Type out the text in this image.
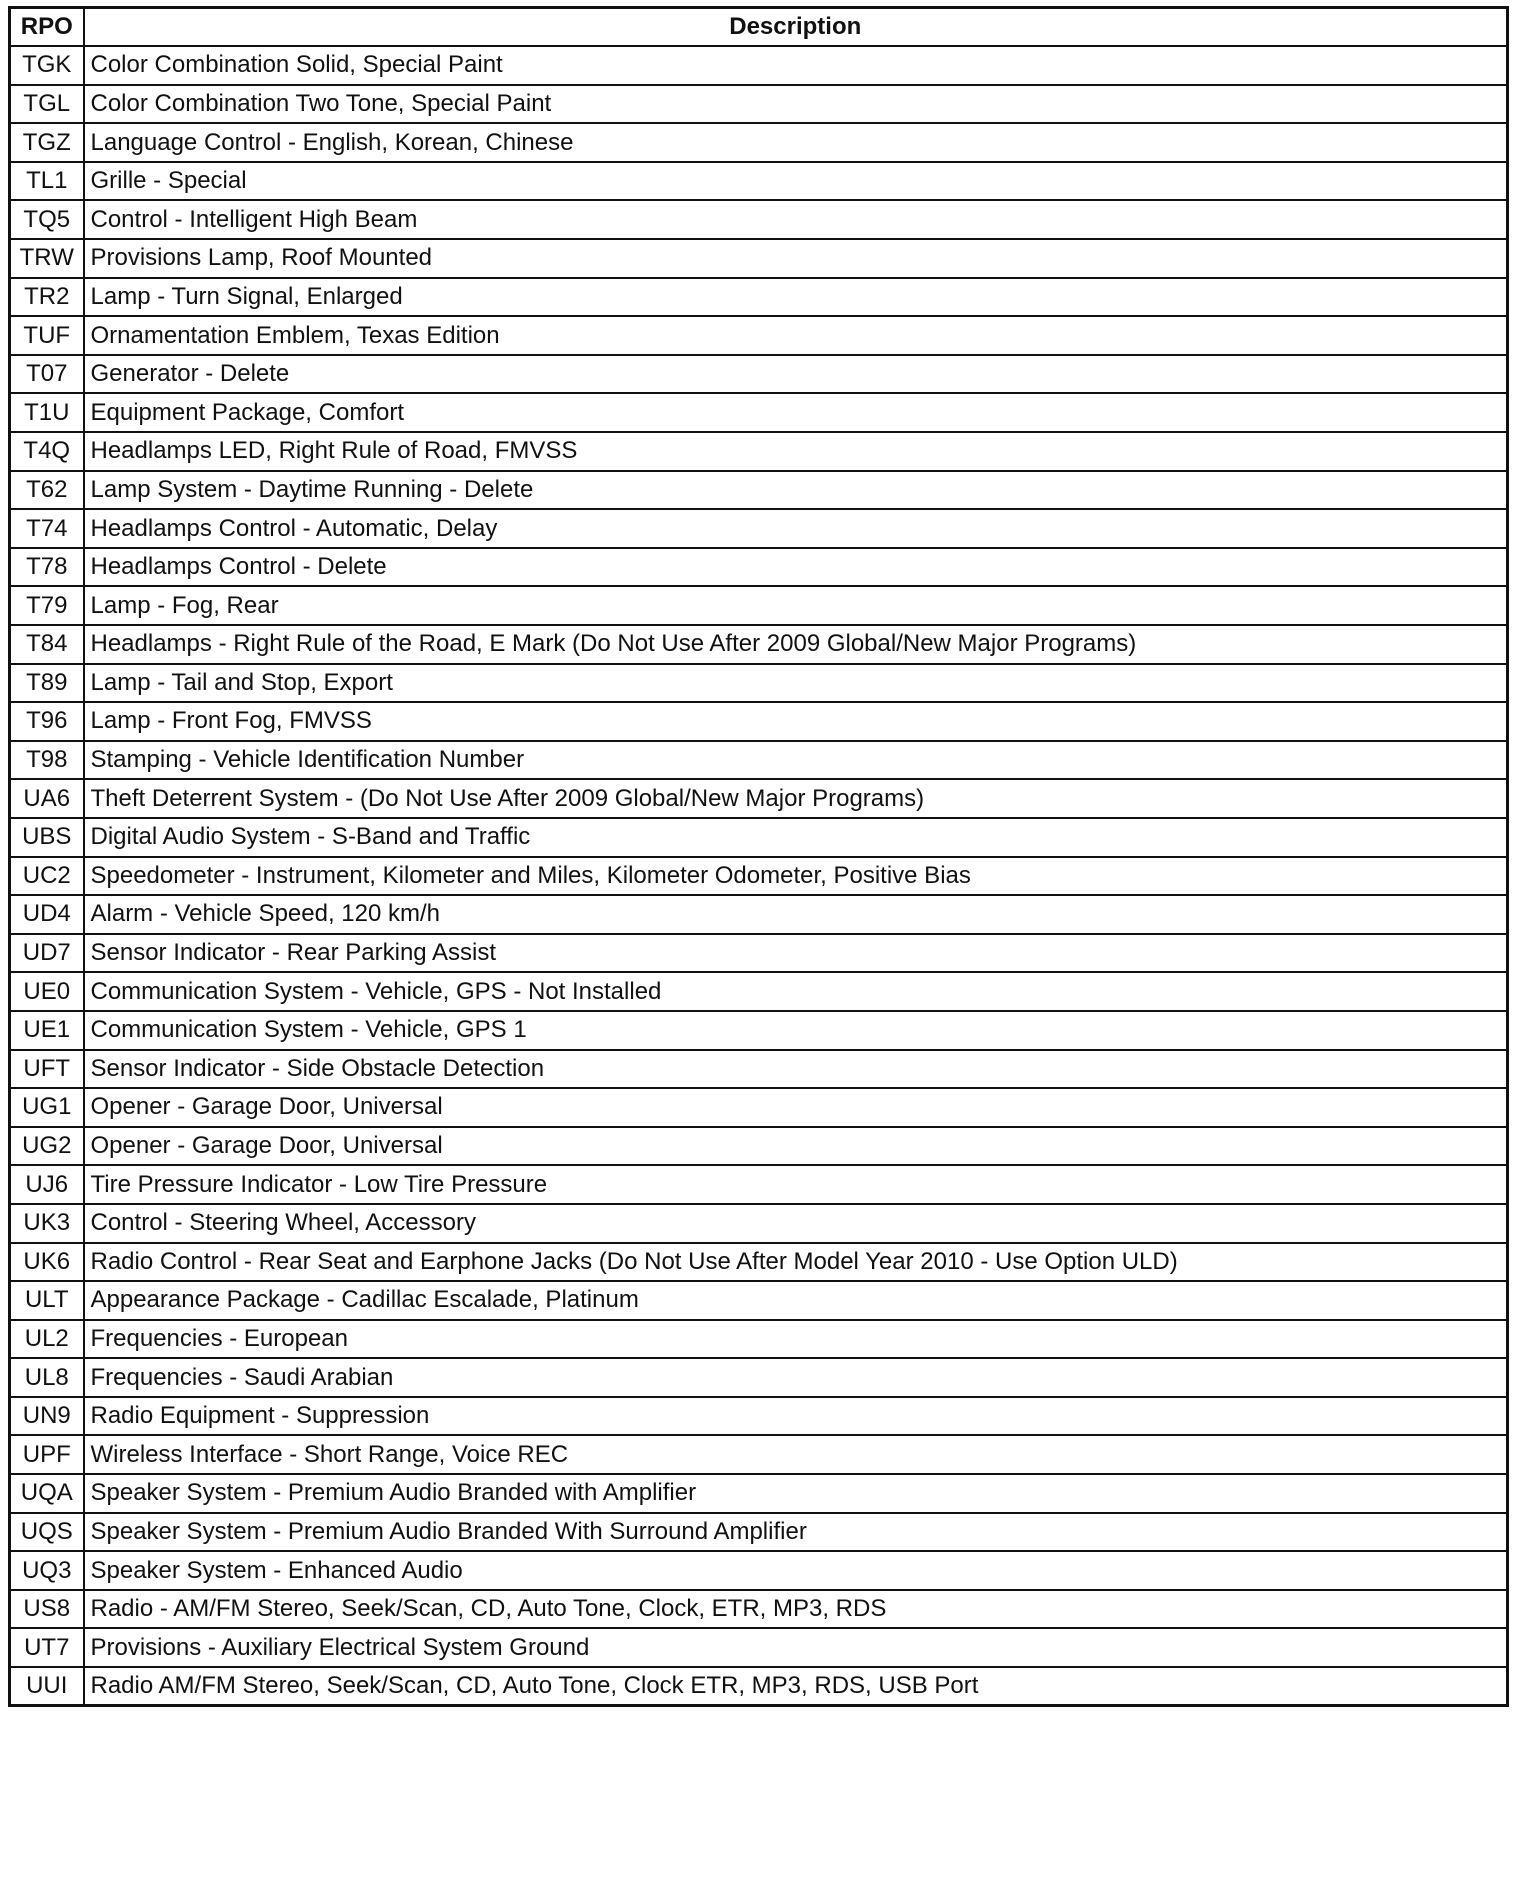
RPO	Description
TGK	Color Combination Solid, Special Paint
TGL	Color Combination Two Tone, Special Paint
TGZ	Language Control - English, Korean, Chinese
TL1	Grille - Special
TQ5	Control - Intelligent High Beam
TRW	Provisions Lamp, Roof Mounted
TR2	Lamp - Turn Signal, Enlarged
TUF	Ornamentation Emblem, Texas Edition
T07	Generator - Delete
T1U	Equipment Package, Comfort
T4Q	Headlamps LED, Right Rule of Road, FMVSS
T62	Lamp System - Daytime Running - Delete
T74	Headlamps Control - Automatic, Delay
T78	Headlamps Control - Delete
T79	Lamp - Fog, Rear
T84	Headlamps - Right Rule of the Road, E Mark (Do Not Use After 2009 Global/New Major Programs)
T89	Lamp - Tail and Stop, Export
T96	Lamp - Front Fog, FMVSS
T98	Stamping - Vehicle Identification Number
UA6	Theft Deterrent System - (Do Not Use After 2009 Global/New Major Programs)
UBS	Digital Audio System - S-Band and Traffic
UC2	Speedometer - Instrument, Kilometer and Miles, Kilometer Odometer, Positive Bias
UD4	Alarm - Vehicle Speed, 120 km/h
UD7	Sensor Indicator - Rear Parking Assist
UE0	Communication System - Vehicle, GPS - Not Installed
UE1	Communication System - Vehicle, GPS 1
UFT	Sensor Indicator - Side Obstacle Detection
UG1	Opener - Garage Door, Universal
UG2	Opener - Garage Door, Universal
UJ6	Tire Pressure Indicator - Low Tire Pressure
UK3	Control - Steering Wheel, Accessory
UK6	Radio Control - Rear Seat and Earphone Jacks (Do Not Use After Model Year 2010 - Use Option ULD)
ULT	Appearance Package - Cadillac Escalade, Platinum
UL2	Frequencies - European
UL8	Frequencies - Saudi Arabian
UN9	Radio Equipment - Suppression
UPF	Wireless Interface - Short Range, Voice REC
UQA	Speaker System - Premium Audio Branded with Amplifier
UQS	Speaker System - Premium Audio Branded With Surround Amplifier
UQ3	Speaker System - Enhanced Audio
US8	Radio - AM/FM Stereo, Seek/Scan, CD, Auto Tone, Clock, ETR, MP3, RDS
UT7	Provisions - Auxiliary Electrical System Ground
UUI	Radio AM/FM Stereo, Seek/Scan, CD, Auto Tone, Clock ETR, MP3, RDS, USB Port
